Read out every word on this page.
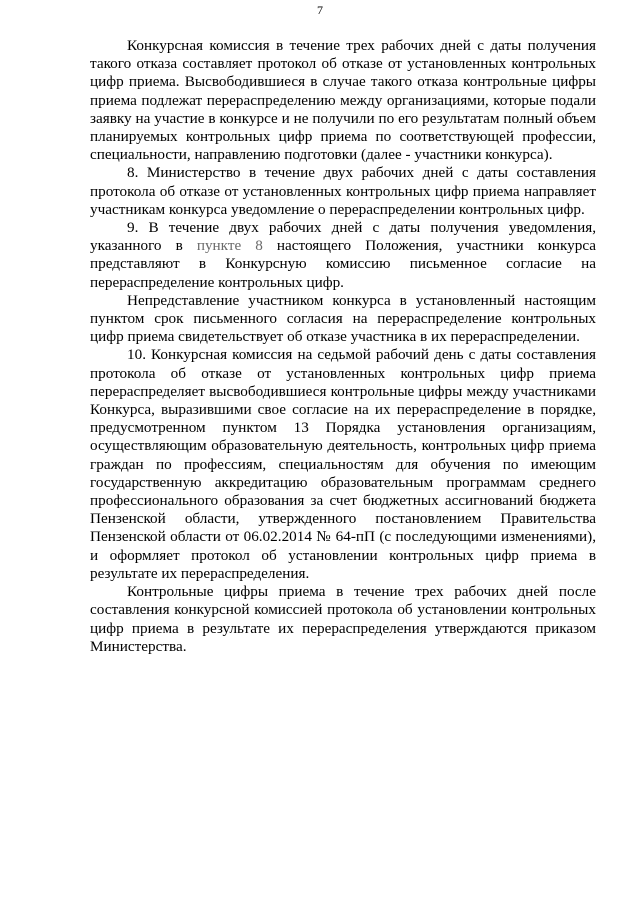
7

Конкурсная комиссия в течение трех рабочих дней с даты получения такого отказа составляет протокол об отказе от установленных контрольных цифр приема. Высвободившиеся в случае такого отказа контрольные цифры приема подлежат перераспределению между организациями, которые подали заявку на участие в конкурсе и не получили по его результатам полный объем планируемых контрольных цифр приема по соответствующей профессии, специальности, направлению подготовки (далее - участники конкурса).

8. Министерство в течение двух рабочих дней с даты составления протокола об отказе от установленных контрольных цифр приема направляет участникам конкурса уведомление о перераспределении контрольных цифр.

9. В течение двух рабочих дней с даты получения уведомления, указанного в пункте 8 настоящего Положения, участники конкурса представляют в Конкурсную комиссию письменное согласие на перераспределение контрольных цифр.

Непредставление участником конкурса в установленный настоящим пунктом срок письменного согласия на перераспределение контрольных цифр приема свидетельствует об отказе участника в их перераспределении.

10. Конкурсная комиссия на седьмой рабочий день с даты составления протокола об отказе от установленных контрольных цифр приема перераспределяет высвободившиеся контрольные цифры между участниками Конкурса, выразившими свое согласие на их перераспределение в порядке, предусмотренном пунктом 13 Порядка установления организациям, осуществляющим образовательную деятельность, контрольных цифр приема граждан по профессиям, специальностям для обучения по имеющим государственную аккредитацию образовательным программам среднего профессионального образования за счет бюджетных ассигнований бюджета Пензенской области, утвержденного постановлением Правительства Пензенской области от 06.02.2014 № 64-пП (с последующими изменениями), и оформляет протокол об установлении контрольных цифр приема в результате их перераспределения.

Контрольные цифры приема в течение трех рабочих дней после составления конкурсной комиссией протокола об установлении контрольных цифр приема в результате их перераспределения утверждаются приказом Министерства.
